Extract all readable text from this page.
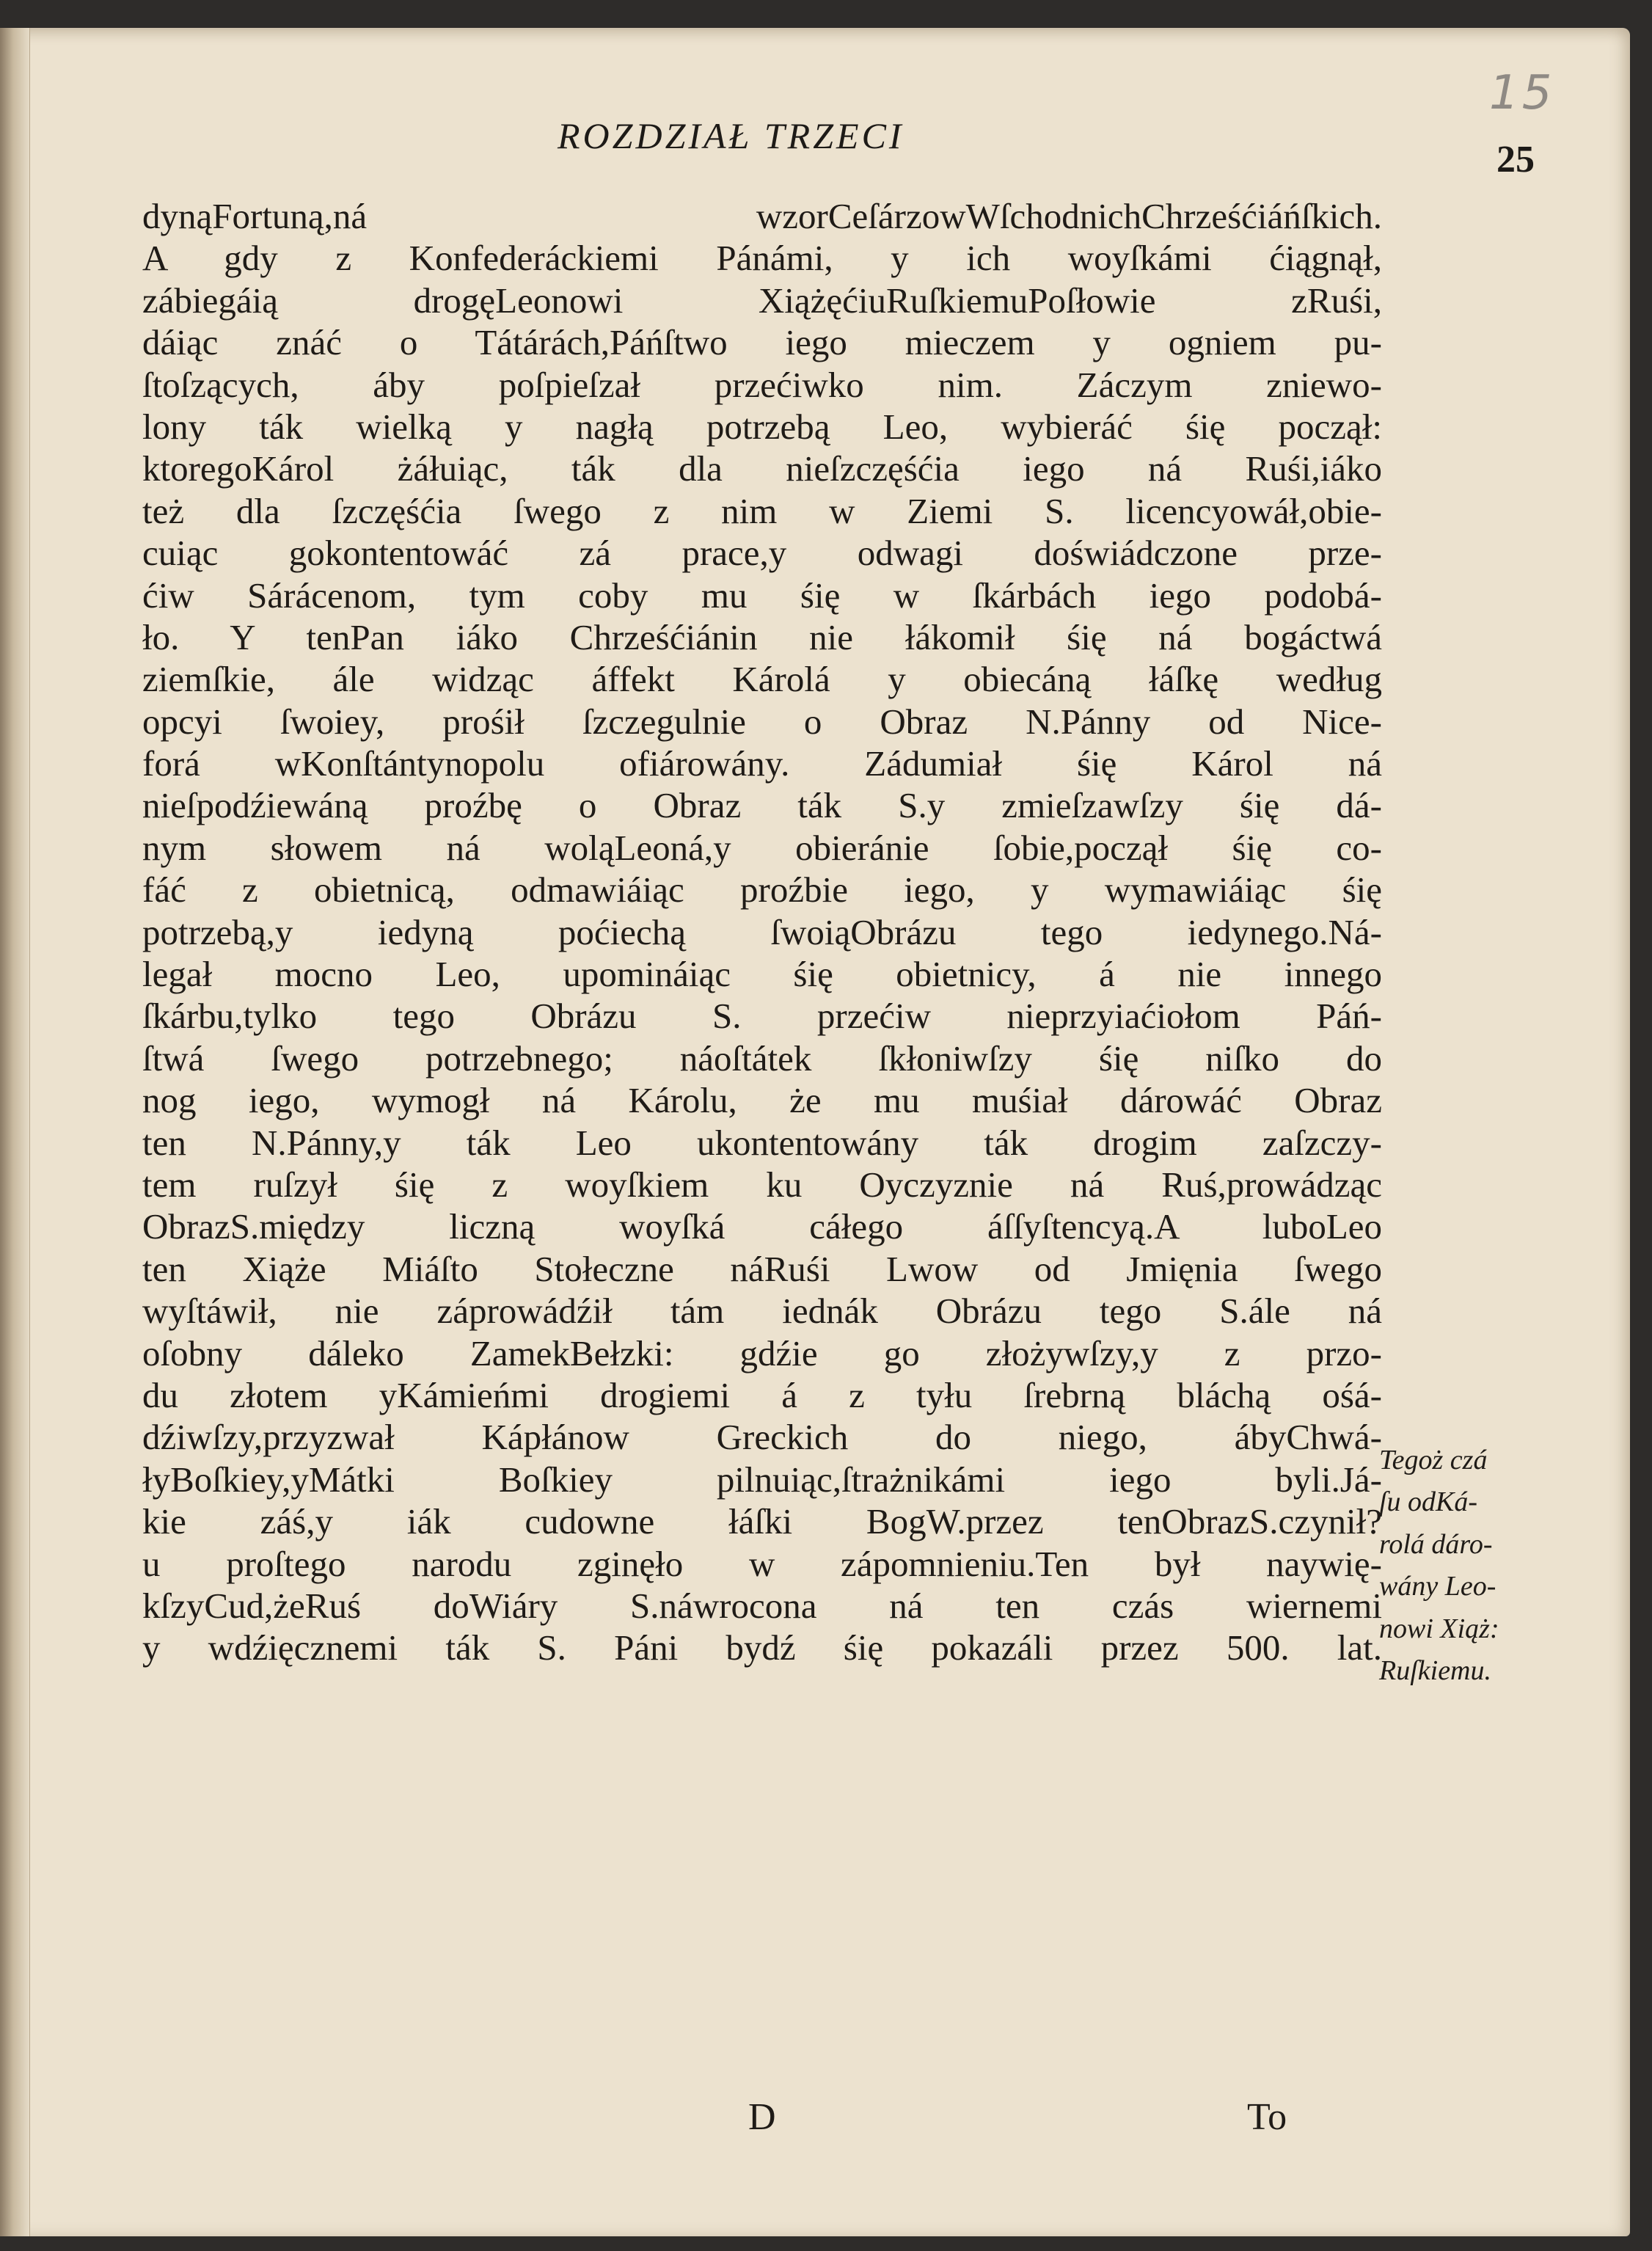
15
ROZDZIAŁ TRZECI
25
dynąFortuną,ná wzorCeſárzowWſchodnichChrześćiáńſkich.
A gdy z Konfederáckiemi Pánámi, y ich woyſkámi ćiągnął,
zábiegáią drogęLeonowi XiążęćiuRuſkiemuPoſłowie zRuśi,
dáiąc znáć o Tátárách,Páńſtwo iego mieczem y ogniem pu-
ſtoſzących, áby poſpieſzał przećiwko nim. Záczym zniewo-
lony ták wielką y nagłą potrzebą Leo, wybieráć śię począł:
ktoregoKárol żáłuiąc, ták dla nieſzczęśćia iego ná Ruśi,iáko
też dla ſzczęśćia ſwego z nim w Ziemi S. licencyowáł,obie-
cuiąc gokontentowáć zá prace,y odwagi doświádczone prze-
ćiw Sárácenom, tym coby mu śię w ſkárbách iego podobá-
ło. Y tenPan iáko Chrześćiánin nie łákomił śię ná bogáctwá
ziemſkie, ále widząc áffekt Károlá y obiecáną łáſkę według
opcyi ſwoiey, prośił ſzczegulnie o Obraz N.Pánny od Nice-
forá wKonſtántynopolu ofiárowány. Zádumiał śię Károl ná
nieſpodźiewáną proźbę o Obraz ták S.y zmieſzawſzy śię dá-
nym słowem ná woląLeoná,y obieránie ſobie,począł śię co-
fáć z obietnicą, odmawiáiąc proźbie iego, y wymawiáiąc śię
potrzebą,y iedyną poćiechą ſwoiąObrázu tego iedynego.Ná-
legał mocno Leo, upomináiąc śię obietnicy, á nie innego
ſkárbu,tylko tego Obrázu S. przećiw nieprzyiaćiołom Páń-
ſtwá ſwego potrzebnego; náoſtátek ſkłoniwſzy śię niſko do
nog iego, wymogł ná Károlu, że mu muśiał dárowáć Obraz
ten N.Pánny,y ták Leo ukontentowány ták drogim zaſzczy-
tem ruſzył śię z woyſkiem ku Oyczyznie ná Ruś,prowádząc
ObrazS.między liczną woyſká cáłego áſſyſtencyą.A luboLeo
ten Xiąże Miáſto Stołeczne náRuśi Lwow od Jmięnia ſwego
wyſtáwił, nie záprowádźił tám iednák Obrázu tego S.ále ná
oſobny dáleko ZamekBełzki: gdźie go złożywſzy,y z przo-
du złotem yKámieńmi drogiemi á z tyłu ſrebrną bláchą ośá-
dźiwſzy,przyzwał Kápłánow Greckich do niego, ábyChwá-
łyBoſkiey,yMátki Boſkiey pilnuiąc,ſtrażnikámi iego byli.Já-
kie záś,y iák cudowne łáſki BogW.przez tenObrazS.czynił?
u proſtego narodu zginęło w zápomnieniu.Ten był naywię-
kſzyCud,żeRuś doWiáry S.náwrocona ná ten czás wiernemi
y wdźięcznemi ták S. Páni bydź śię pokazáli przez 500. lat.
Tegoż czá
ſu odKá-
rolá dáro-
wány Leo-
nowi Xiąż:
Ruſkiemu.
D	To
